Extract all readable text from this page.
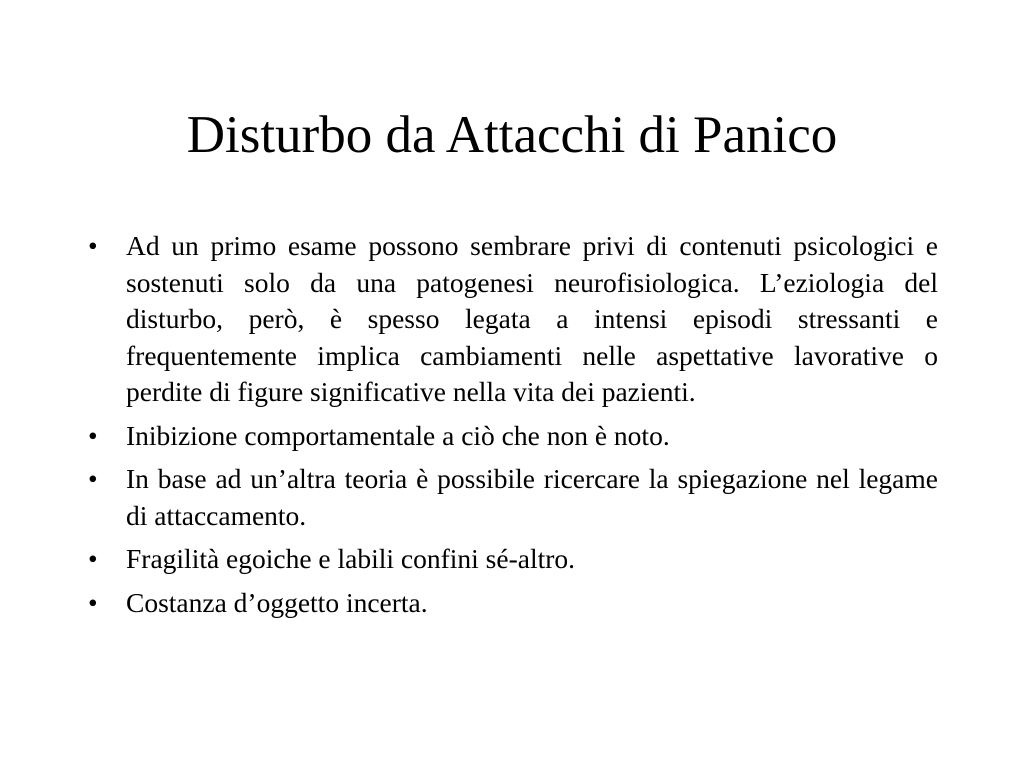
Disturbo da Attacchi di Panico
•	Ad un primo esame possono sembrare privi di contenuti psicologici e sostenuti solo da una patogenesi neurofisiologica. L’eziologia del disturbo, però, è spesso legata a intensi episodi stressanti e frequentemente implica cambiamenti nelle aspettative lavorative o perdite di figure significative nella vita dei pazienti.
•	Inibizione comportamentale a ciò che non è noto.
•	In base ad un’altra teoria è possibile ricercare la spiegazione nel legame di attaccamento.
•	Fragilità egoiche e labili confini sé-altro.
•	Costanza d’oggetto incerta.
